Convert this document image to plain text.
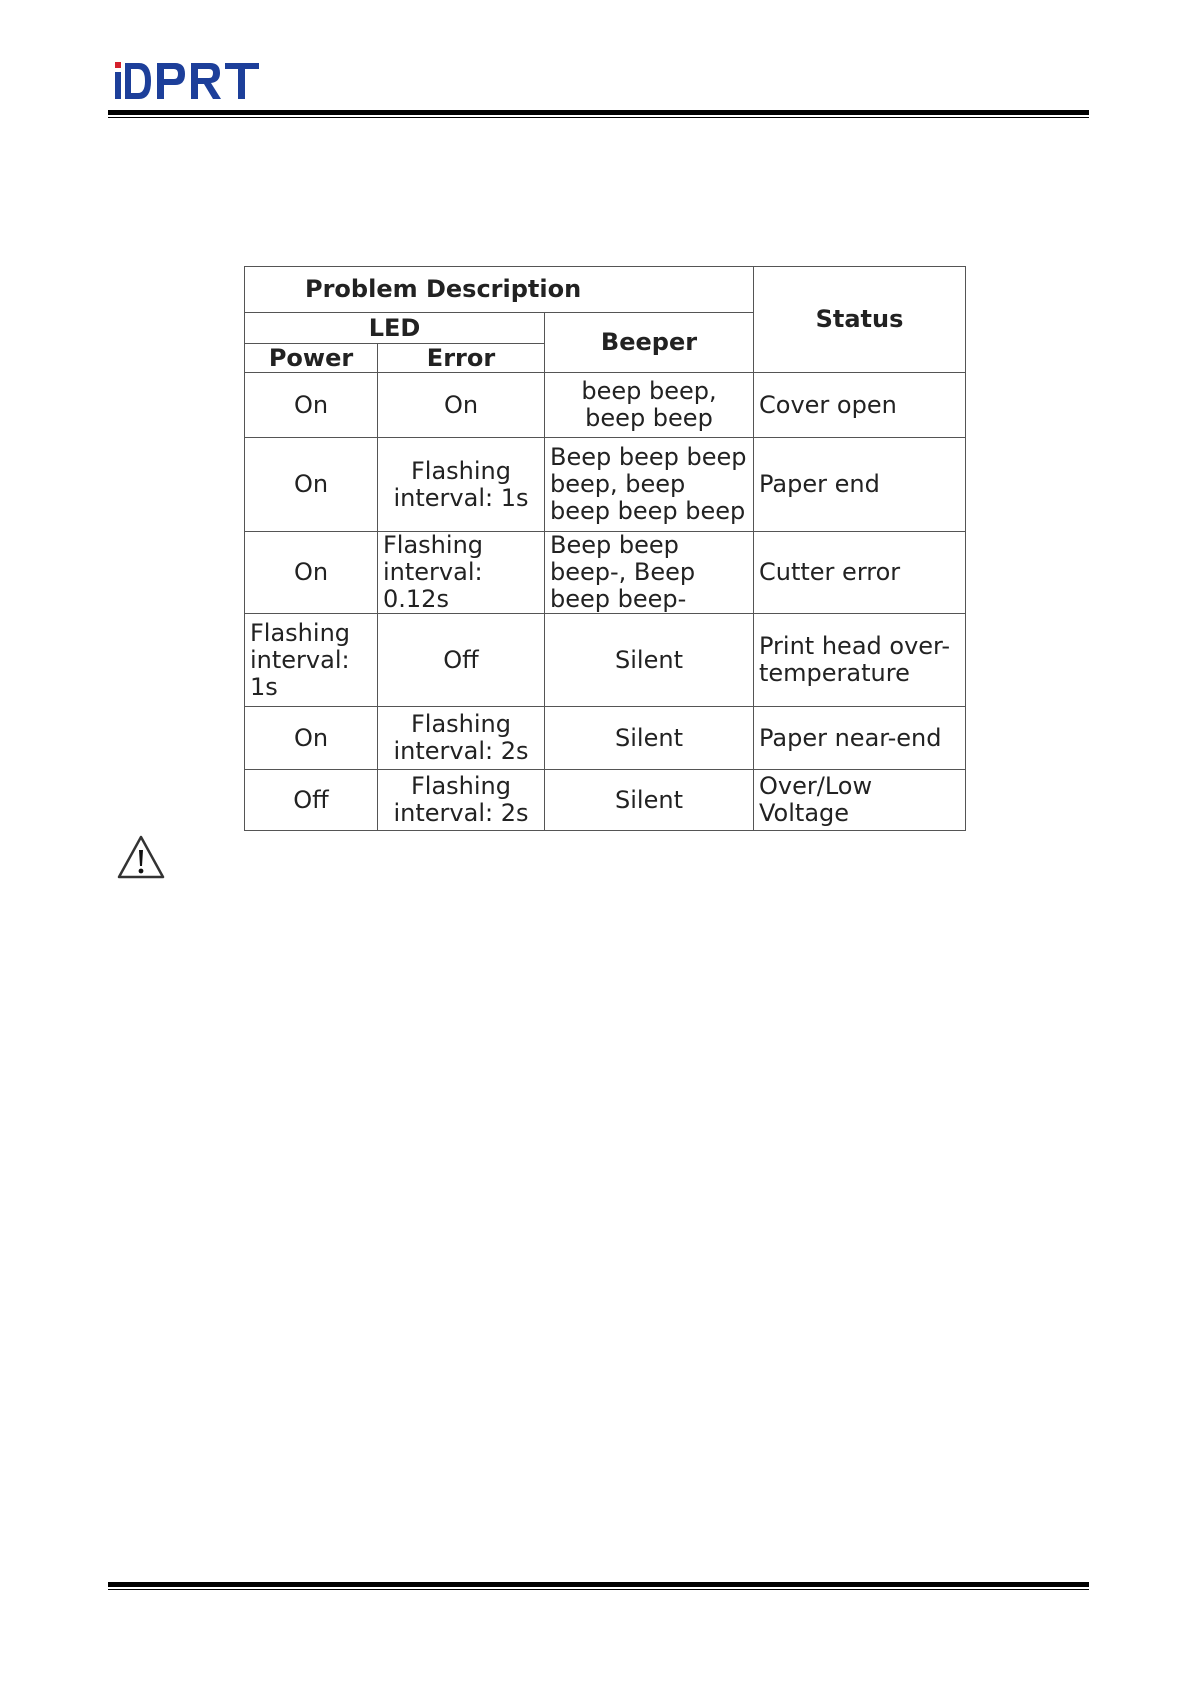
Problem Description			Status
LED		Beeper	
Power	Error		
On	On	beep beep, beep beep	Cover open
On	Flashing interval: 1s	Beep beep beep beep, beep beep beep beep	Paper end
On	Flashing interval: 0.12s	Beep beep beep-, Beep beep beep-	Cutter error
Flashing interval: 1s	Off	Silent	Print head over-temperature
On	Flashing interval: 2s	Silent	Paper near-end
Off	Flashing interval: 2s	Silent	Over/Low Voltage
